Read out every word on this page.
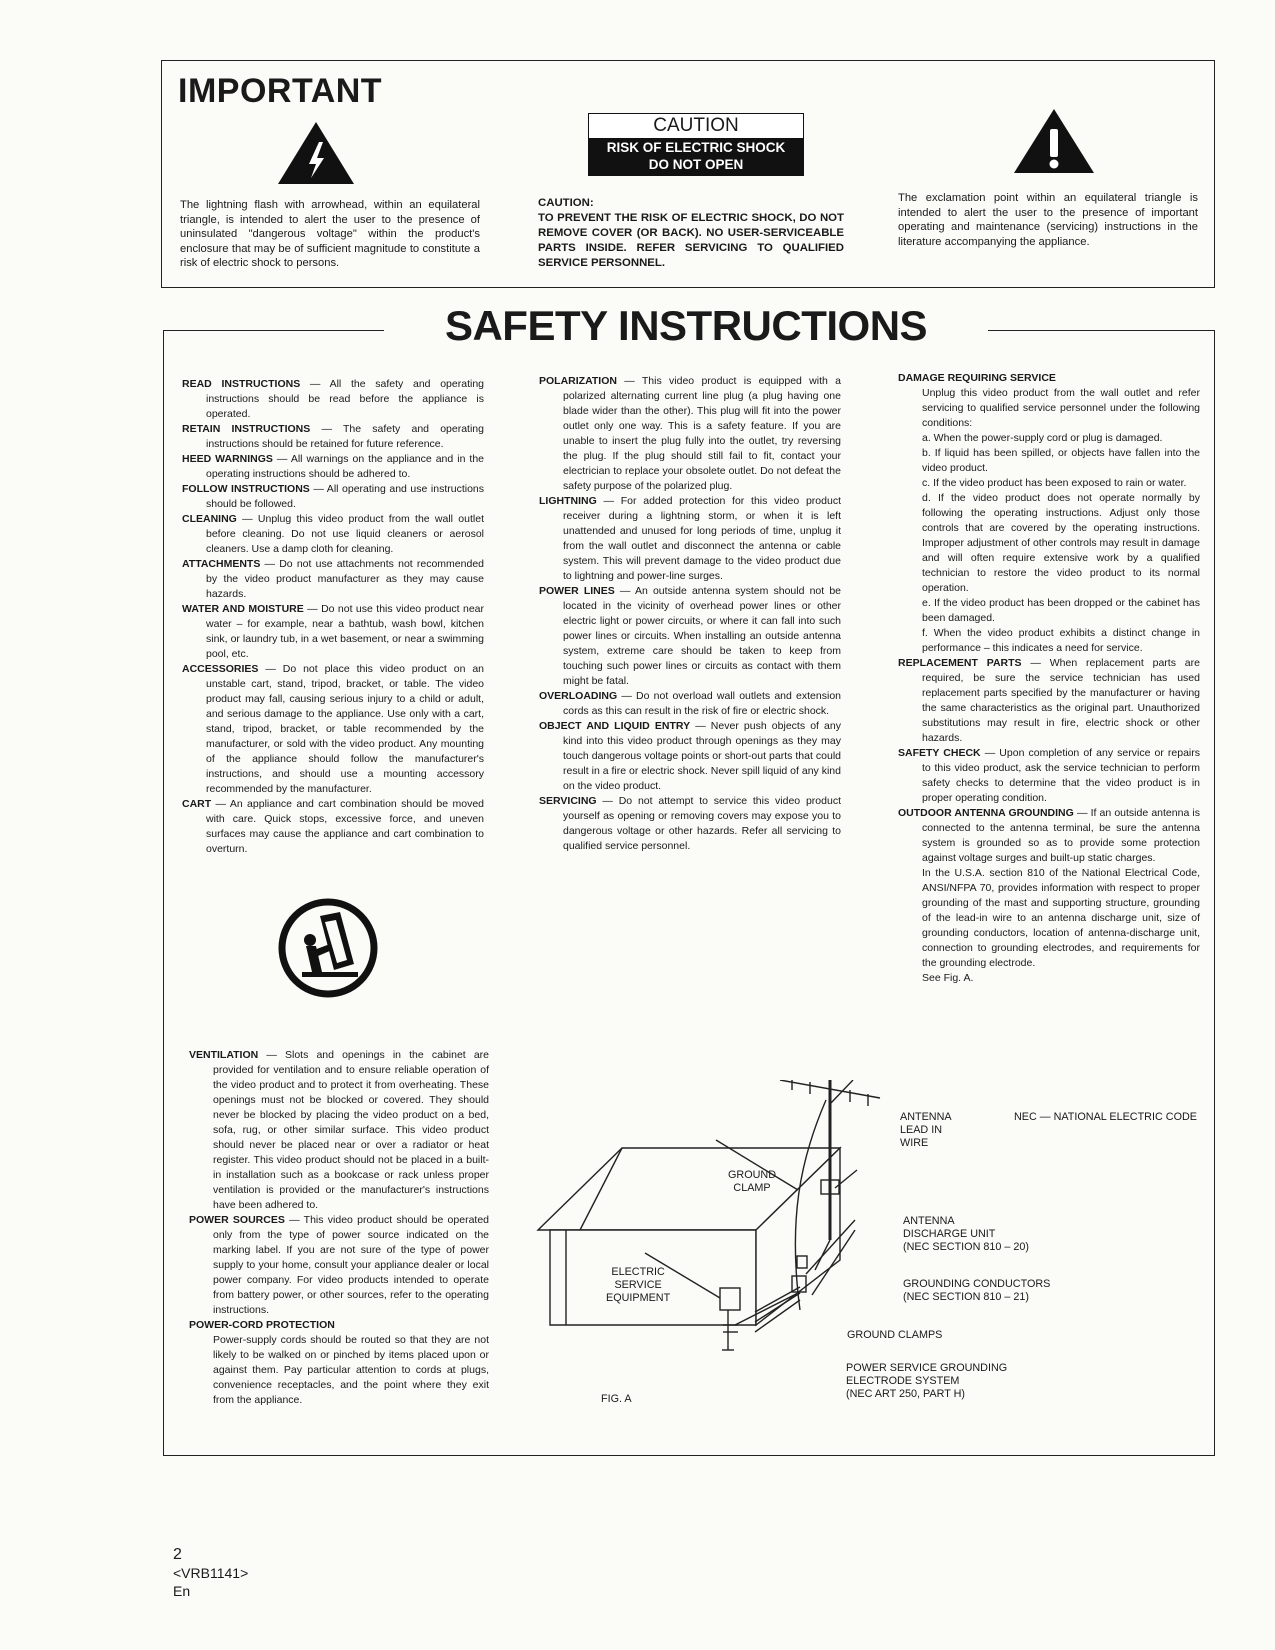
IMPORTANT
The lightning flash with arrowhead, within an equilateral triangle, is intended to alert the user to the presence of uninsulated "dangerous voltage" within the product's enclosure that may be of sufficient magnitude to constitute a risk of electric shock to persons.
CAUTION
RISK OF ELECTRIC SHOCK
DO NOT OPEN
CAUTION:
TO PREVENT THE RISK OF ELECTRIC SHOCK, DO NOT REMOVE COVER (OR BACK). NO USER-SERVICEABLE PARTS INSIDE. REFER SERVICING TO QUALIFIED SERVICE PERSONNEL.
The exclamation point within an equilateral triangle is intended to alert the user to the presence of important operating and maintenance (servicing) instructions in the literature accompanying the appliance.
SAFETY INSTRUCTIONS

READ INSTRUCTIONS — All the safety and operating instructions should be read before the appliance is operated.

RETAIN INSTRUCTIONS — The safety and operating instructions should be retained for future reference.

HEED WARNINGS — All warnings on the appliance and in the operating instructions should be adhered to.

FOLLOW INSTRUCTIONS — All operating and use instructions should be followed.

CLEANING — Unplug this video product from the wall outlet before cleaning. Do not use liquid cleaners or aerosol cleaners. Use a damp cloth for cleaning.

ATTACHMENTS — Do not use attachments not recommended by the video product manufacturer as they may cause hazards.

WATER AND MOISTURE — Do not use this video product near water – for example, near a bathtub, wash bowl, kitchen sink, or laundry tub, in a wet basement, or near a swimming pool, etc.

ACCESSORIES — Do not place this video product on an unstable cart, stand, tripod, bracket, or table. The video product may fall, causing serious injury to a child or adult, and serious damage to the appliance. Use only with a cart, stand, tripod, bracket, or table recommended by the manufacturer, or sold with the video product. Any mounting of the appliance should follow the manufacturer's instructions, and should use a mounting accessory recommended by the manufacturer.

CART — An appliance and cart combination should be moved with care. Quick stops, excessive force, and uneven surfaces may cause the appliance and cart combination to overturn.

VENTILATION — Slots and openings in the cabinet are provided for ventilation and to ensure reliable operation of the video product and to protect it from overheating. These openings must not be blocked or covered. They should never be blocked by placing the video product on a bed, sofa, rug, or other similar surface. This video product should never be placed near or over a radiator or heat register. This video product should not be placed in a built-in installation such as a bookcase or rack unless proper ventilation is provided or the manufacturer's instructions have been adhered to.

POWER SOURCES — This video product should be operated only from the type of power source indicated on the marking label. If you are not sure of the type of power supply to your home, consult your appliance dealer or local power company. For video products intended to operate from battery power, or other sources, refer to the operating instructions.

POWER-CORD PROTECTION

Power-supply cords should be routed so that they are not likely to be walked on or pinched by items placed upon or against them. Pay particular attention to cords at plugs, convenience receptacles, and the point where they exit from the appliance.

POLARIZATION — This video product is equipped with a polarized alternating current line plug (a plug having one blade wider than the other). This plug will fit into the power outlet only one way. This is a safety feature. If you are unable to insert the plug fully into the outlet, try reversing the plug. If the plug should still fail to fit, contact your electrician to replace your obsolete outlet. Do not defeat the safety purpose of the polarized plug.

LIGHTNING — For added protection for this video product receiver during a lightning storm, or when it is left unattended and unused for long periods of time, unplug it from the wall outlet and disconnect the antenna or cable system. This will prevent damage to the video product due to lightning and power-line surges.

POWER LINES — An outside antenna system should not be located in the vicinity of overhead power lines or other electric light or power circuits, or where it can fall into such power lines or circuits. When installing an outside antenna system, extreme care should be taken to keep from touching such power lines or circuits as contact with them might be fatal.

OVERLOADING — Do not overload wall outlets and extension cords as this can result in the risk of fire or electric shock.

OBJECT AND LIQUID ENTRY — Never push objects of any kind into this video product through openings as they may touch dangerous voltage points or short-out parts that could result in a fire or electric shock. Never spill liquid of any kind on the video product.

SERVICING — Do not attempt to service this video product yourself as opening or removing covers may expose you to dangerous voltage or other hazards. Refer all servicing to qualified service personnel.

DAMAGE REQUIRING SERVICE

Unplug this video product from the wall outlet and refer servicing to qualified service personnel under the following conditions:

a. When the power-supply cord or plug is damaged.

b. If liquid has been spilled, or objects have fallen into the video product.

c. If the video product has been exposed to rain or water.

d. If the video product does not operate normally by following the operating instructions. Adjust only those controls that are covered by the operating instructions. Improper adjustment of other controls may result in damage and will often require extensive work by a qualified technician to restore the video product to its normal operation.

e. If the video product has been dropped or the cabinet has been damaged.

f. When the video product exhibits a distinct change in performance – this indicates a need for service.

REPLACEMENT PARTS — When replacement parts are required, be sure the service technician has used replacement parts specified by the manufacturer or having the same characteristics as the original part. Unauthorized substitutions may result in fire, electric shock or other hazards.

SAFETY CHECK — Upon completion of any service or repairs to this video product, ask the service technician to perform safety checks to determine that the video product is in proper operating condition.

OUTDOOR ANTENNA GROUNDING — If an outside antenna is connected to the antenna terminal, be sure the antenna system is grounded so as to provide some protection against voltage surges and built-up static charges.

In the U.S.A. section 810 of the National Electrical Code, ANSI/NFPA 70, provides information with respect to proper grounding of the mast and supporting structure, grounding of the lead-in wire to an antenna discharge unit, size of grounding conductors, location of antenna-discharge unit, connection to grounding electrodes, and requirements for the grounding electrode.

See Fig. A.

ANTENNA
LEAD IN
WIRE
NEC — NATIONAL ELECTRIC CODE
GROUND
CLAMP
ANTENNA
DISCHARGE UNIT
(NEC SECTION 810 – 20)
ELECTRIC
SERVICE
EQUIPMENT
GROUNDING CONDUCTORS
(NEC SECTION 810 – 21)
GROUND CLAMPS
POWER SERVICE GROUNDING
ELECTRODE SYSTEM
(NEC ART 250, PART H)
FIG. A
2
<VRB1141>
En
